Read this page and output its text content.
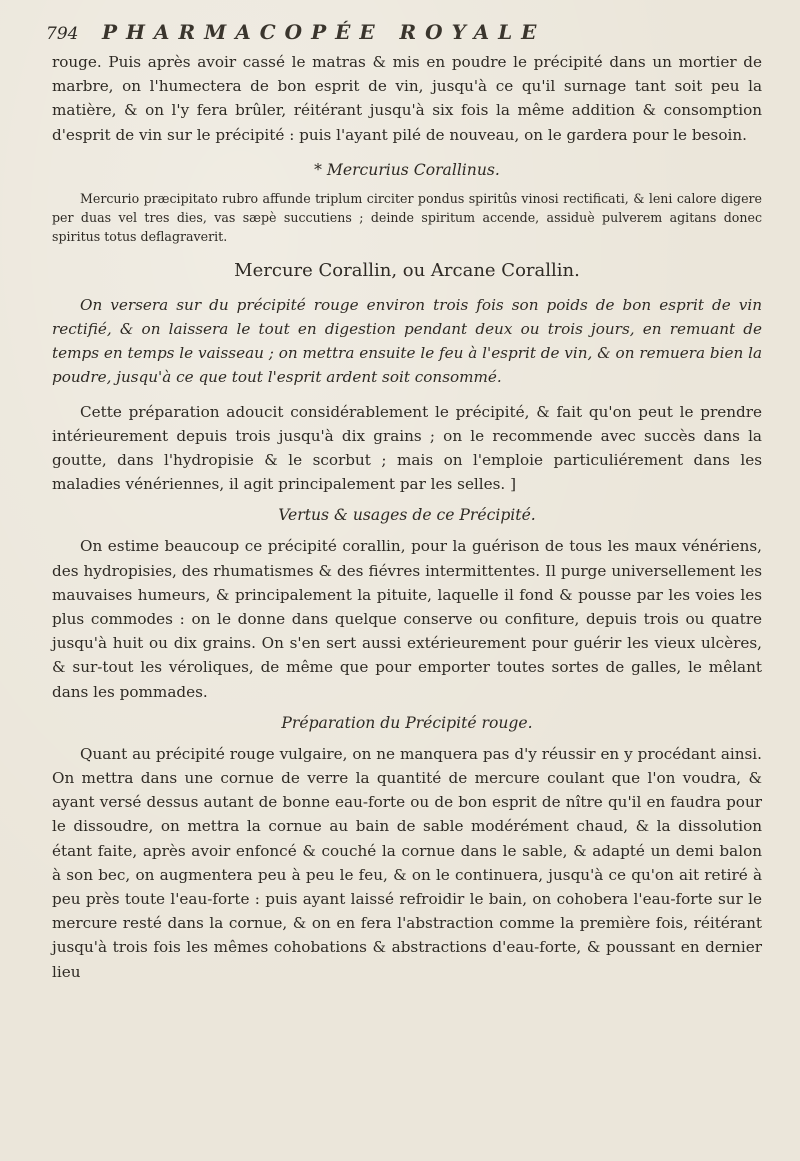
794	PHARMACOPÉE ROYALE

rouge. Puis après avoir cassé le matras & mis en poudre le précipité dans un mortier de marbre, on l'humectera de bon esprit de vin, jusqu'à ce qu'il surnage tant soit peu la matière, & on l'y fera brûler, réitérant jusqu'à six fois la même addition & consomption d'esprit de vin sur le précipité : puis l'ayant pilé de nouveau, on le gardera pour le besoin.

* Mercurius Corallinus.

Mercurio præcipitato rubro affunde triplum circiter pondus spiritûs vinosi rectificati, & leni calore digere per duas vel tres dies, vas sæpè succutiens ; deinde spiritum accende, assiduè pulverem agitans donec spiritus totus deflagraverit.

Mercure Corallin, ou Arcane Corallin.

On versera sur du précipité rouge environ trois fois son poids de bon esprit de vin rectifié, & on laissera le tout en digestion pendant deux ou trois jours, en remuant de temps en temps le vaisseau ; on mettra ensuite le feu à l'esprit de vin, & on remuera bien la poudre, jusqu'à ce que tout l'esprit ardent soit consommé.

Cette préparation adoucit considérablement le précipité, & fait qu'on peut le prendre intérieurement depuis trois jusqu'à dix grains ; on le recommende avec succès dans la goutte, dans l'hydropisie & le scorbut ; mais on l'emploie particuliérement dans les maladies vénériennes, il agit principalement par les selles. ]

Vertus & usages de ce Précipité.

On estime beaucoup ce précipité corallin, pour la guérison de tous les maux vénériens, des hydropisies, des rhumatismes & des fiévres intermittentes. Il purge universellement les mauvaises humeurs, & principalement la pituite, laquelle il fond & pousse par les voies les plus commodes : on le donne dans quelque conserve ou confiture, depuis trois ou quatre jusqu'à huit ou dix grains. On s'en sert aussi extérieurement pour guérir les vieux ulcères, & sur-tout les véroliques, de même que pour emporter toutes sortes de galles, le mêlant dans les pommades.

Préparation du Précipité rouge.

Quant au précipité rouge vulgaire, on ne manquera pas d'y réussir en y procédant ainsi. On mettra dans une cornue de verre la quantité de mercure coulant que l'on voudra, & ayant versé dessus autant de bonne eau-forte ou de bon esprit de nître qu'il en faudra pour le dissoudre, on mettra la cornue au bain de sable modérément chaud, & la dissolution étant faite, après avoir enfoncé & couché la cornue dans le sable, & adapté un demi balon à son bec, on augmentera peu à peu le feu, & on le continuera, jusqu'à ce qu'on ait retiré à peu près toute l'eau-forte : puis ayant laissé refroidir le bain, on cohobera l'eau-forte sur le mercure resté dans la cornue, & on en fera l'abstraction comme la première fois, réitérant jusqu'à trois fois les mêmes cohobations & abstractions d'eau-forte, & poussant en dernier lieu
